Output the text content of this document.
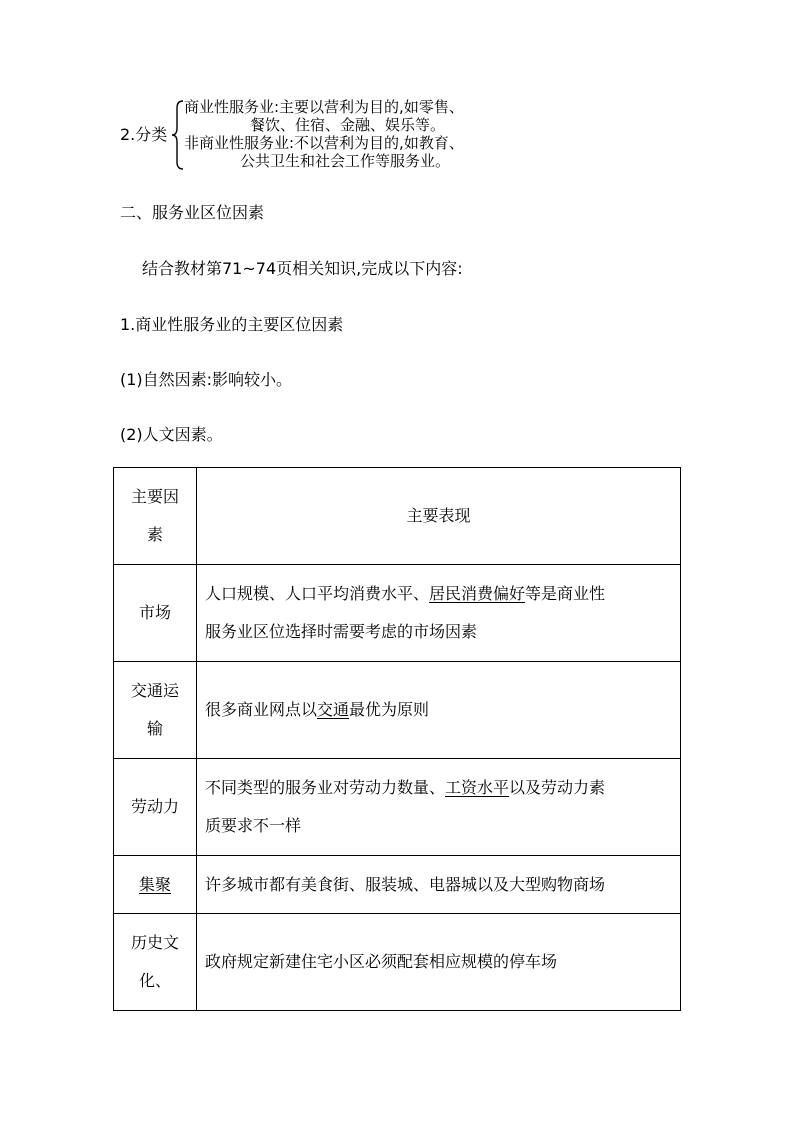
2.分类
商业性服务业:主要以营利为目的,如零售、
餐饮、住宿、金融、娱乐等。
非商业性服务业:不以营利为目的,如教育、
公共卫生和社会工作等服务业。
二、服务业区位因素
结合教材第71~74页相关知识,完成以下内容:
1.商业性服务业的主要区位因素
(1)自然因素:影响较小。
(2)人文因素。
主要因
素	主要表现

市场	人口规模、人口平均消费水平、居民消费偏好等是商业性
服务业区位选择时需要考虑的市场因素

交通运
输	很多商业网点以交通最优为原则

劳动力	不同类型的服务业对劳动力数量、工资水平以及劳动力素
质要求不一样

集聚	许多城市都有美食街、服装城、电器城以及大型购物商场

历史文
化、	政府规定新建住宅小区必须配套相应规模的停车场
